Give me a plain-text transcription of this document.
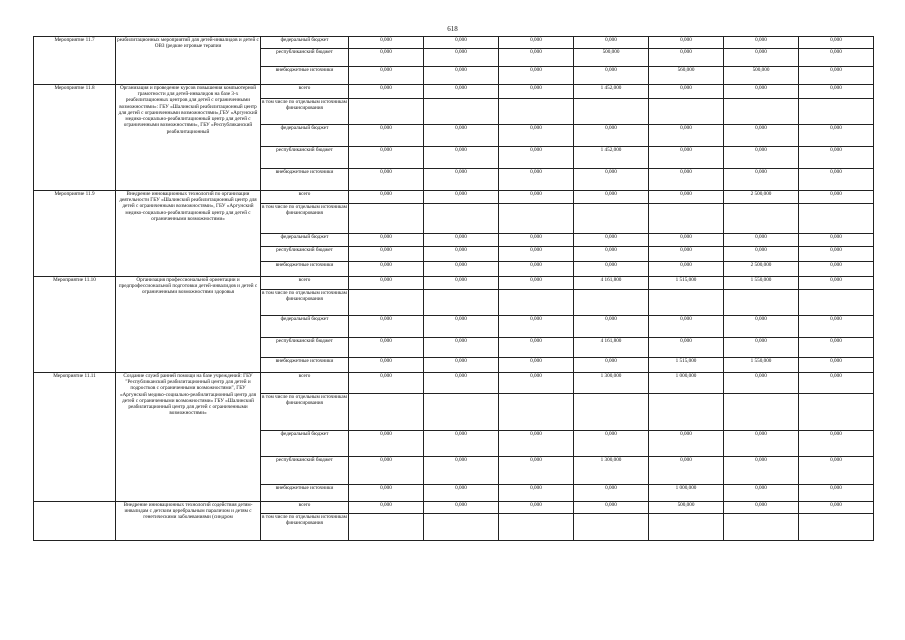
618
Мероприятие 11.7	реабилитационных мероприятий для детей-инвалидов и детей с ОВЗ (редкие игровые терапии	федеральный бюджет	0,000	0,000	0,000	0,000	0,000	0,000	0,000
		республиканский бюджет	0,000	0,000	0,000	500,000	0,000	0,000	0,000
		внебюджетные источники	0,000	0,000	0,000	0,000	560,000	500,000	0,000
Мероприятие 11.8	Организация и проведение курсов повышения компьютерной грамотности для детей-инвалидов на базе 3-х реабилитационных центров для детей с ограниченными возможностями»: ГБУ «Шалинский реабилитационный центр для детей с ограниченными возможностями»,ГБУ «Аргунский медико-социально-реабилитационный центр для детей с ограниченными возможностями», ГБУ «Республиканский реабилитационный	всего	0,000	0,000	0,000	1 452,000	0,000	0,000	0,000
		в том числе по отдельным источникам финансирования							
		федеральный бюджет	0,000	0,000	0,000	0,000	0,000	0,000	0,000
		республиканский бюджет	0,000	0,000	0,000	1 452,000	0,000	0,000	0,000
		внебюджетные источники	0,000	0,000	0,000	0,000	0,000	0,000	0,000
Мероприятие 11.9	Внедрение инновационных технологий по организации деятельности ГБУ «Шалинский реабилитационный центр для детей с ограниченными возможностями», ГБУ «Аргунский медико-социально-реабилитационный центр для детей с ограниченными возможностями»	всего	0,000	0,000	0,000	0,000	0,000	2 500,000	0,000
		в том числе по отдельным источникам финансирования							
		федеральный бюджет	0,000	0,000	0,000	0,000	0,000	0,000	0,000
		республиканский бюджет	0,000	0,000	0,000	0,000	0,000	0,000	0,000
		внебюджетные источники	0,000	0,000	0,000	0,000	0,000	2 500,000	0,000
Мероприятие 11.10	Организация профессиональной ориентации и предпрофессиональной подготовки детей-инвалидов и детей с ограниченными возможностями здоровья	всего	0,000	0,000	0,000	4 161,800	1 515,000	1 550,000	0,000
		в том числе по отдельным источникам финансирования							
		федеральный бюджет	0,000	0,000	0,000	0,000	0,000	0,000	0,000
		республиканский бюджет	0,000	0,000	0,000	4 161,800	0,000	0,000	0,000
		внебюджетные источники	0,000	0,000	0,000	0,000	1 515,000	1 550,000	0,000
Мероприятие 11.11	Создание служб ранней помощи на базе учреждений: ГБУ "Республиканский реабилитационный центр для детей и подростков с ограниченными возможностями", ГБУ «Аргунский медико-социально-реабилитационный центр для детей с ограниченными возможностями» ГБУ «Шалинский реабилитационный центр для детей с ограниченными возможностями»	всего	0,000	0,000	0,000	1 300,000	1 000,000	0,000	0,000
		в том числе по отдельным источникам финансирования							
		федеральный бюджет	0,000	0,000	0,000	0,000	0,000	0,000	0,000
		республиканский бюджет	0,000	0,000	0,000	1 300,000	0,000	0,000	0,000
		внебюджетные источники	0,000	0,000	0,000	0,000	1 000,000	0,000	0,000
	Внедрение инновационных технологий содействия детям-инвалидам с детским церебральным параличом и детям с генетическими заболеваниями (синдром	всего	0,000	0,000	0,000	0,000	500,000	0,000	0,000
		в том числе по отдельным источникам финансирования							
